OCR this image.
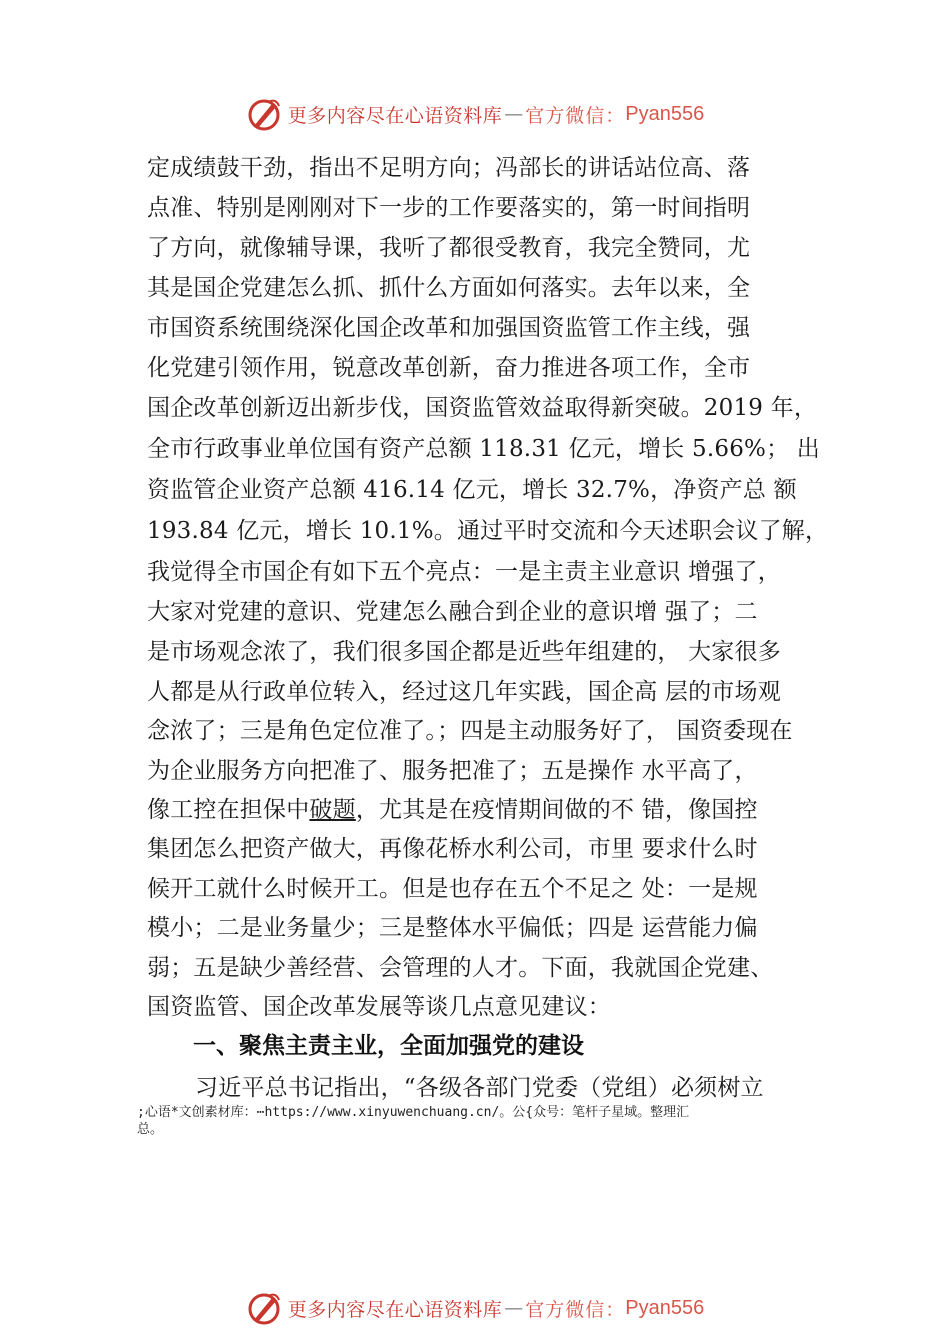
更多内容尽在心语资料库 — 官方微信： Pyan556
定成绩鼓干劲，指出不足明方向；冯部长的讲话站位高、落
点准、特别是刚刚对下一步的工作要落实的，第一时间指明
了方向，就像辅导课，我听了都很受教育，我完全赞同，尤
其是国企党建怎么抓、抓什么方面如何落实。去年以来，全
市国资系统围绕深化国企改革和加强国资监管工作主线，强
化党建引领作用，锐意改革创新，奋力推进各项工作，全市
国企改革创新迈出新步伐，国资监管效益取得新突破。2019 年，
全市行政事业单位国有资产总额 118.31 亿元，增长 5.66%； 出
资监管企业资产总额 416.14 亿元，增长 32.7%，净资产总 额
193.84 亿元，增长 10.1%。通过平时交流和今天述职会议了解，
我觉得全市国企有如下五个亮点：一是主责主业意识 增强了，
大家对党建的意识、党建怎么融合到企业的意识增 强了；二
是市场观念浓了，我们很多国企都是近些年组建的， 大家很多
人都是从行政单位转入，经过这几年实践，国企高 层的市场观
念浓了；三是角色定位准了。；四是主动服务好了， 国资委现在
为企业服务方向把准了、服务把准了；五是操作 水平高了，
像工控在担保中破题，尤其是在疫情期间做的不 错，像国控
集团怎么把资产做大，再像花桥水利公司，市里 要求什么时
候开工就什么时候开工。但是也存在五个不足之 处：一是规
模小；二是业务量少；三是整体水平偏低；四是 运营能力偏
弱；五是缺少善经营、会管理的人才。下面，我就国企党建、
国资监管、国企改革发展等谈几点意见建议：
一、聚焦主责主业，全面加强党的建设
习近平总书记指出，“各级各部门党委（党组）必须树立
;心语*文创素材库：⋯https://www.xinyuwenchuang.cn/。公{众号：笔杆子星域。整理汇
总。
更多内容尽在心语资料库 — 官方微信： Pyan556
